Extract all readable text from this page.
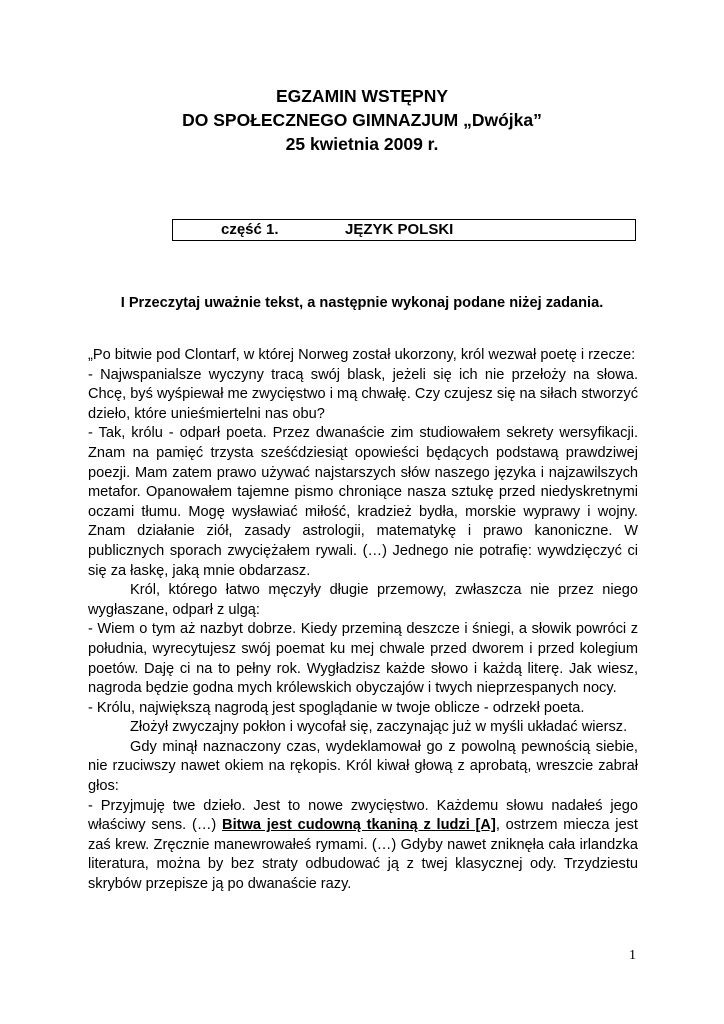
EGZAMIN WSTĘPNY
DO SPOŁECZNEGO GIMNAZJUM „Dwójka”
25 kwietnia 2009 r.
część 1.	JĘZYK POLSKI
I Przeczytaj uważnie tekst, a następnie wykonaj podane niżej zadania.

„Po bitwie pod Clontarf, w której Norweg został ukorzony, król wezwał poetę i rzecze:

- Najwspanialsze wyczyny tracą swój blask, jeżeli się ich nie przełoży na słowa. Chcę, byś wyśpiewał me zwycięstwo i mą chwałę. Czy czujesz się na siłach stworzyć dzieło, które unieśmiertelni nas obu?

- Tak, królu - odparł poeta. Przez dwanaście zim studiowałem sekrety wersyfikacji. Znam na pamięć trzysta sześćdziesiąt opowieści będących podstawą prawdziwej poezji. Mam zatem prawo używać najstarszych słów naszego języka i najzawilszych metafor. Opanowałem tajemne pismo chroniące nasza sztukę przed niedyskretnymi oczami tłumu. Mogę wysławiać miłość, kradzież bydła, morskie wyprawy i wojny. Znam działanie ziół, zasady astrologii, matematykę i prawo kanoniczne. W publicznych sporach zwyciężałem rywali. (…) Jednego nie potrafię: wywdzięczyć ci się za łaskę, jaką mnie obdarzasz.

Król, którego łatwo męczyły długie przemowy, zwłaszcza nie przez niego wygłaszane, odparł z ulgą:

- Wiem o tym aż nazbyt dobrze. Kiedy przeminą deszcze i śniegi, a słowik powróci z południa, wyrecytujesz swój poemat ku mej chwale przed dworem i przed kolegium poetów. Daję ci na to pełny rok. Wygładzisz każde słowo i każdą literę. Jak wiesz, nagroda będzie godna mych królewskich obyczajów i twych nieprzespanych nocy.

- Królu, największą nagrodą jest spoglądanie w twoje oblicze - odrzekł poeta.

Złożył zwyczajny pokłon i wycofał się, zaczynając już w myśli układać wiersz.

Gdy minął naznaczony czas, wydeklamował go z powolną pewnością siebie, nie rzuciwszy nawet okiem na rękopis. Król kiwał głową z aprobatą, wreszcie zabrał głos:

- Przyjmuję twe dzieło. Jest to nowe zwycięstwo. Każdemu słowu nadałeś jego właściwy sens. (…) Bitwa jest cudowną tkaniną z ludzi [A], ostrzem miecza jest zaś krew. Zręcznie manewrowałeś rymami. (…) Gdyby nawet zniknęła cała irlandzka literatura, można by bez straty odbudować ją z twej klasycznej ody. Trzydziestu skrybów przepisze ją po dwanaście razy.

1
